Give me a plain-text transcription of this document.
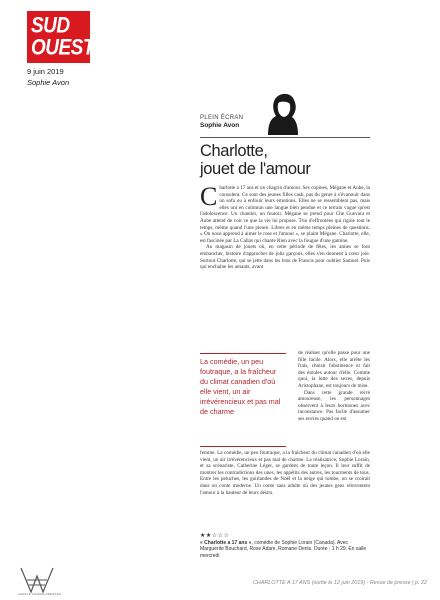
SUD
OUEST
9 juin 2019
Sophie Avon
PLEIN ÉCRAN
Sophie Avon
Charlotte,
jouet de l'amour
C harlotte a 17 ans et un chagrin d'amour. Ses copines, Mégane et Aube, la consolent. Ce sont des jeunes filles cash, pas du genre à s'évanouir dans un sofa ou à enfouir leurs émotions. Elles ne se ressemblent pas, mais elles ont en commun une langue bien pendue et ce terrain vague qu'est l'adolescence. Un chantier, un foutoir. Mégane se prend pour Che Guevara et Aube attend de voir ce que la vie lui propose. Trio d'effrontées qui rigole tout le temps, même quand l'une pleure. Libres et en même temps pleines de questions. « On nous apprend à aimer le rose et l'amour », se plaint Mégane. Charlotte, elle, est fascinée par La Callas qui chante Rien avec la fougue d'une gamine.
Au magasin de jouets où, en cette période de fêtes, les amies se font embaucher, histoire d'approcher de jolis garçons, elles s'en donnent à cœur joie. Surtout Charlotte, qui se jette dans les bras de Francis pour oublier Samuel. Puis qui enchaîne les amants, avant
La comédie, un peu foutraque, a la fraîcheur du climat canadien d'où elle vient, un air irrévérencieux et pas mal de charme
de réaliser qu'elle passe pour une fille facile. Alors, elle arrête les frais, choisit l'abstinence et fait des émules autour d'elle. Comme quoi, la lutte des sexes, depuis Aristophane, est toujours de mise.
Dans cette grande récré amoureuse, les personnages observent à leurs hormones avec inconstance. Pas facile d'assumer ses envies quand on est
femme. La comédie, un peu foutraque, a la fraîcheur du climat canadien d'où elle vient, un air irrévérencieux et pas mal de charme. La réalisatrice, Sophie Lorain, et sa scénariste, Catherine Léger, se gardent de toute leçon. Il leur suffit de montrer les contradictions des unes, les appétits des autres, les tourments de tous. Entre les peluches, les guirlandes de Noël et la neige qui tombe, on se croirait dans un conte moderne. Un conte sans adulte où des jeunes gens réinventent l'amour à la hauteur de leurs désirs.
★★☆☆☆
« Charlotte a 17 ans », comédie de Sophie Lorain (Canada). Avec Marguerite Bouchard, Rose Adam, Romane Denis. Durée : 1 h 29. En salle mercredi
AGENCE VALÉRIE DEBIOLES
CHARLOTTE A 17 ANS (sortie le 12 juin 2019) - Revue de presse | p. 22
